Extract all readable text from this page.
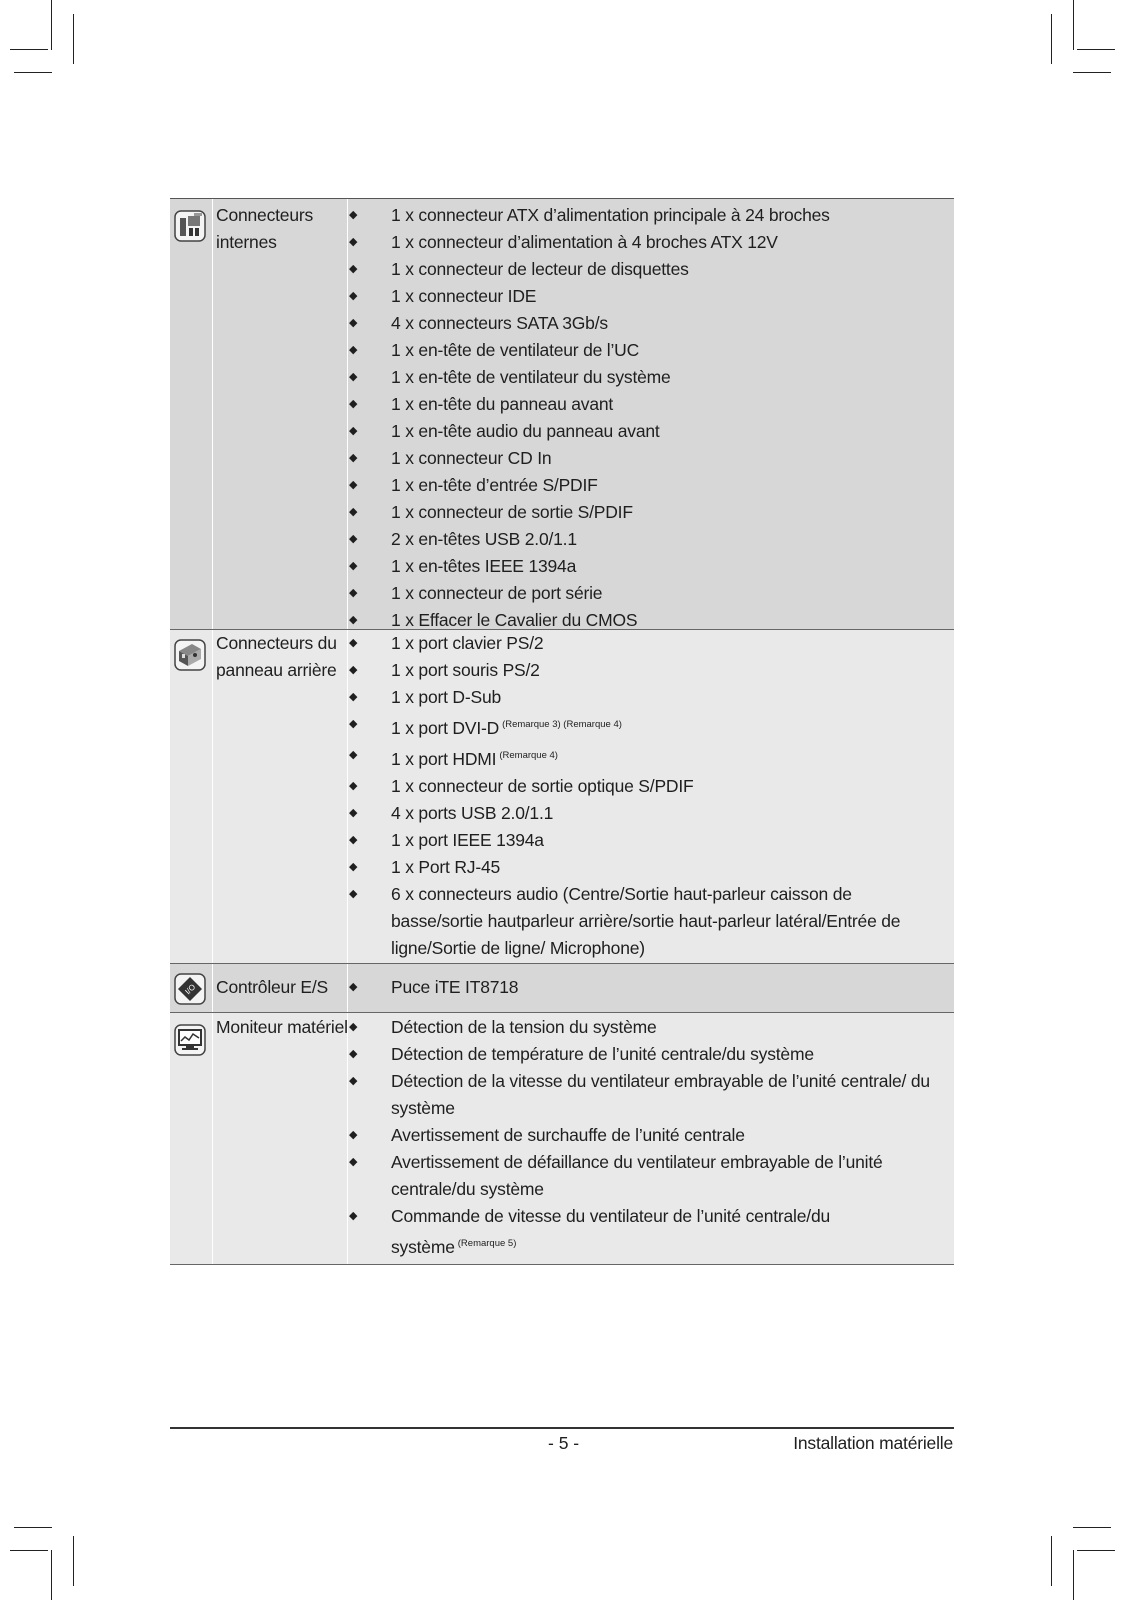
Connecteurs
internes
◆ 1 x connecteur ATX d’alimentation principale à 24 broches
◆ 1 x connecteur d’alimentation à 4 broches ATX 12V
◆ 1 x connecteur de lecteur de disquettes
◆ 1 x connecteur IDE
◆ 4 x connecteurs SATA 3Gb/s
◆ 1 x en-tête de ventilateur de l’UC
◆ 1 x en-tête de ventilateur du système
◆ 1 x en-tête du panneau avant
◆ 1 x en-tête audio du panneau avant
◆ 1 x connecteur CD In
◆ 1 x en-tête d’entrée S/PDIF
◆ 1 x connecteur de sortie S/PDIF
◆ 2 x en-têtes USB 2.0/1.1
◆ 1 x en-têtes IEEE 1394a
◆ 1 x connecteur de port série
◆ 1 x Effacer le Cavalier du CMOS
Connecteurs du
panneau arrière
◆ 1 x port clavier PS/2
◆ 1 x port souris PS/2
◆ 1 x port D-Sub
◆ 1 x port DVI-D $^{(Remarque 3) (Remarque 4)}$
◆ 1 x port HDMI $^{(Remarque 4)}$
◆ 1 x connecteur de sortie optique S/PDIF
◆ 4 x ports USB 2.0/1.1
◆ 1 x port IEEE 1394a
◆ 1 x Port RJ-45
◆ 6 x connecteurs audio (Centre/Sortie haut-parleur caisson de basse/sortie hautparleur arrière/sortie haut-parleur latéral/Entrée de ligne/Sortie de ligne/ Microphone)
I/O Contrôleur E/S	◆ Puce iTE IT8718
Moniteur matériel ◆ Détection de la tension du système
◆ Détection de température de l’unité centrale/du système
◆ Détection de la vitesse du ventilateur embrayable de l’unité centrale/ du système
◆ Avertissement de surchauffe de l’unité centrale
◆ Avertissement de défaillance du ventilateur embrayable de l’unité centrale/du système
◆ Commande de vitesse du ventilateur de l’unité centrale/du système $^{(Remarque 5)}$
- 5 -	Installation matérielle
